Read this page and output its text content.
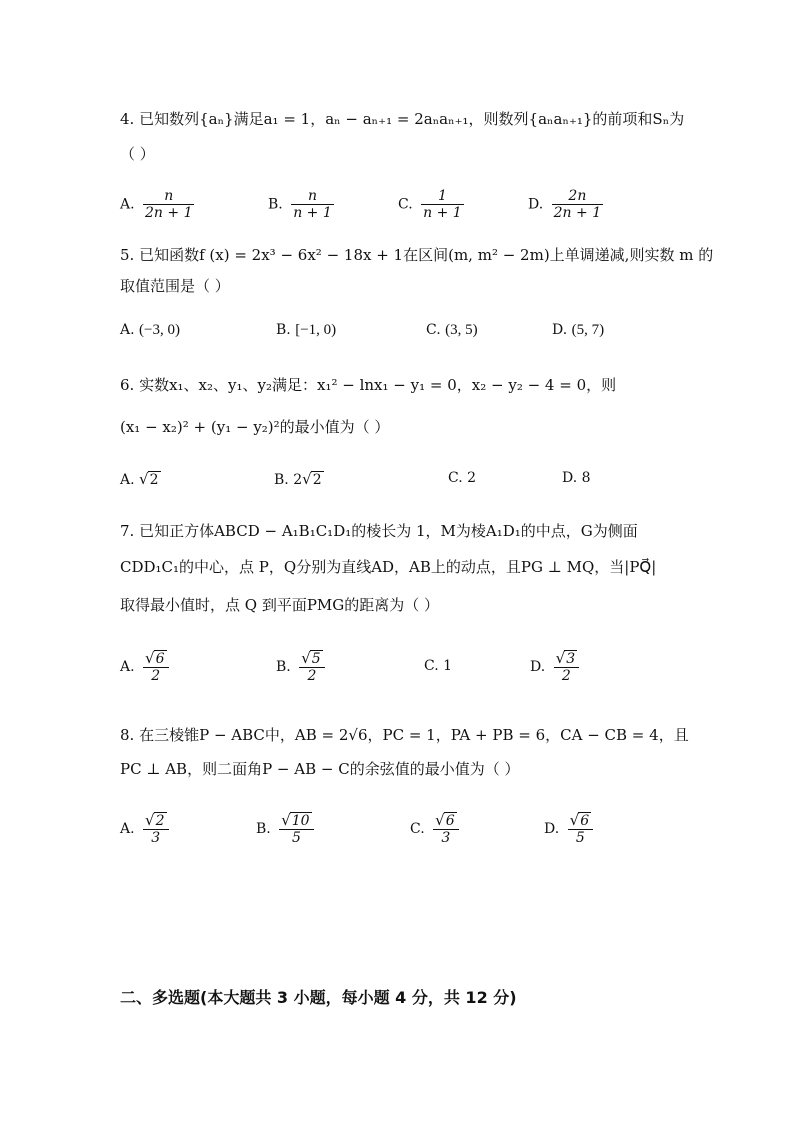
4. 已知数列{aₙ}满足a₁ = 1，aₙ − aₙ₊₁ = 2aₙaₙ₊₁，则数列{aₙaₙ₊₁}的前项和Sₙ为
（ ）
A. $\frac{n}{2n + 1}$	B. $\frac{n}{n + 1}$	C. $\frac{1}{n + 1}$	D. $\frac{2n}{2n + 1}$
5. 已知函数f (x) = 2x³ − 6x² − 18x + 1在区间(m, m² − 2m)上单调递减,则实数 m 的
取值范围是（ ）
A. (−3, 0)	B. [−1, 0)	C. (3, 5)	D. (5, 7)
6. 实数x₁、x₂、y₁、y₂满足：x₁² − lnx₁ − y₁ = 0，x₂ − y₂ − 4 = 0，则
(x₁ − x₂)² + (y₁ − y₂)²的最小值为（ ）
A. √2	B. 2√2	C. 2	D. 8
7. 已知正方体ABCD − A₁B₁C₁D₁的棱长为 1，M为棱A₁D₁的中点，G为侧面
CDD₁C₁的中心，点 P，Q分别为直线AD，AB上的动点，且PG ⊥ MQ，当|PQ⃗|
取得最小值时，点 Q 到平面PMG的距离为（ ）
A. $\frac{√6}{2}$	B. $\frac{√5}{2}$	C. 1	D. $\frac{√3}{2}$
8. 在三棱锥P − ABC中，AB = 2√6，PC = 1，PA + PB = 6，CA − CB = 4，且
PC ⊥ AB，则二面角P − AB − C的余弦值的最小值为（ ）
A. $\frac{√2}{3}$	B. $\frac{√10}{5}$	C. $\frac{√6}{3}$	D. $\frac{√6}{5}$
二、多选题(本大题共 3 小题，每小题 4 分，共 12 分)
